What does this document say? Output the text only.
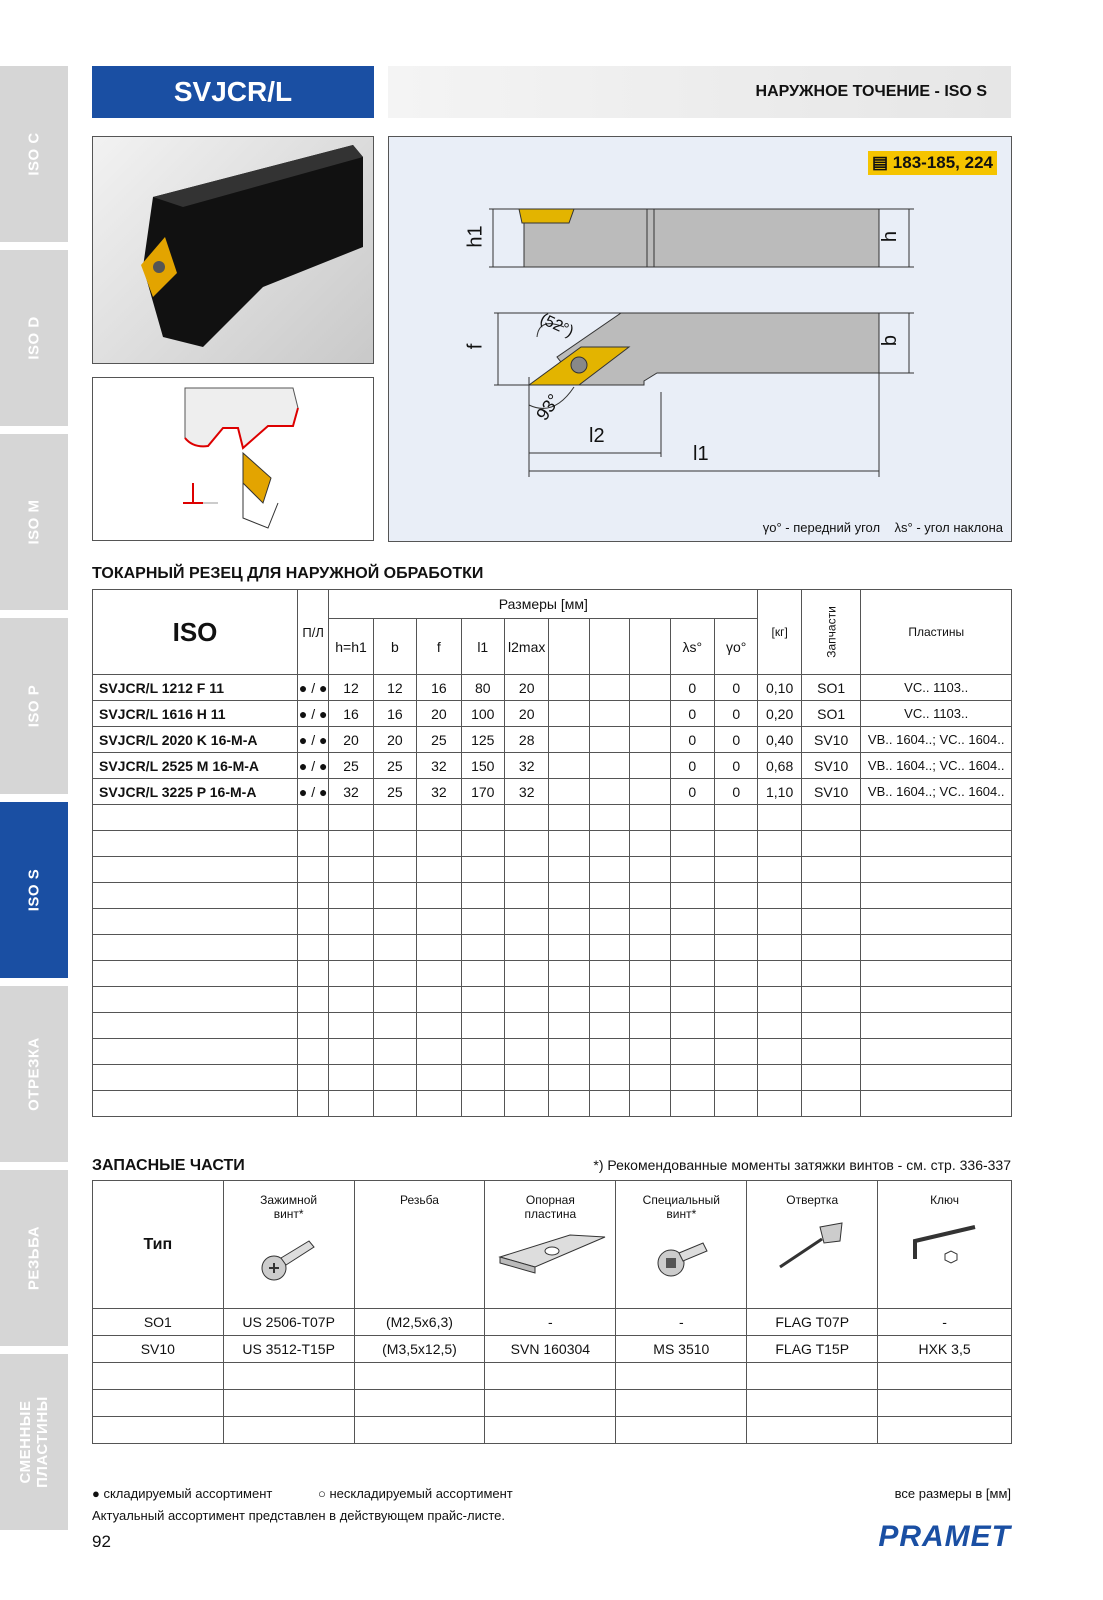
ISO C
ISO D
ISO M
ISO P
ISO S
ОТРЕЗКА
РЕЗЬБА
СМЕННЫЕ ПЛАСТИНЫ
SVJCR/L	НАРУЖНОЕ ТОЧЕНИЕ - ISO S
▤ 183-185, 224
h1	h
f
b
l2
l1
(52°)
93°
γo° - передний угол λs° - угол наклона
ТОКАРНЫЙ РЕЗЕЦ ДЛЯ НАРУЖНОЙ ОБРАБОТКИ
ISO	П/Л	Размеры [мм]										[кг]	Запчасти	Пластины
		h=h1	b	f	l1	l2max				λs°	γo°			
SVJCR/L 1212 F 11	● / ●	12	12	16	80	20				0	0	0,10	SO1	VC.. 1103..
SVJCR/L 1616 H 11	● / ●	16	16	20	100	20				0	0	0,20	SO1	VC.. 1103..
SVJCR/L 2020 K 16-M-A	● / ●	20	20	25	125	28				0	0	0,40	SV10	VB.. 1604..; VC.. 1604..
SVJCR/L 2525 M 16-M-A	● / ●	25	25	32	150	32				0	0	0,68	SV10	VB.. 1604..; VC.. 1604..
SVJCR/L 3225 P 16-M-A	● / ●	32	25	32	170	32				0	0	1,10	SV10	VB.. 1604..; VC.. 1604..

ЗАПАСНЫЕ ЧАСТИ	*) Рекомендованные моменты затяжки винтов - см. стр. 336-337
Тип	Зажимной винт*	Резьба	Опорная пластина	Специальный винт*	Отвертка	Ключ

SO1	US 2506-T07P	(M2,5x6,3)	-	-	FLAG T07P	-
SV10	US 3512-T15P	(M3,5x12,5)	SVN 160304	MS 3510	FLAG T15P	HXK 3,5

● складируемый ассортимент	○ нескладируемый ассортимент	все размеры в [мм]
Актуальный ассортимент представлен в действующем прайс-листе.
92	PRAMET
